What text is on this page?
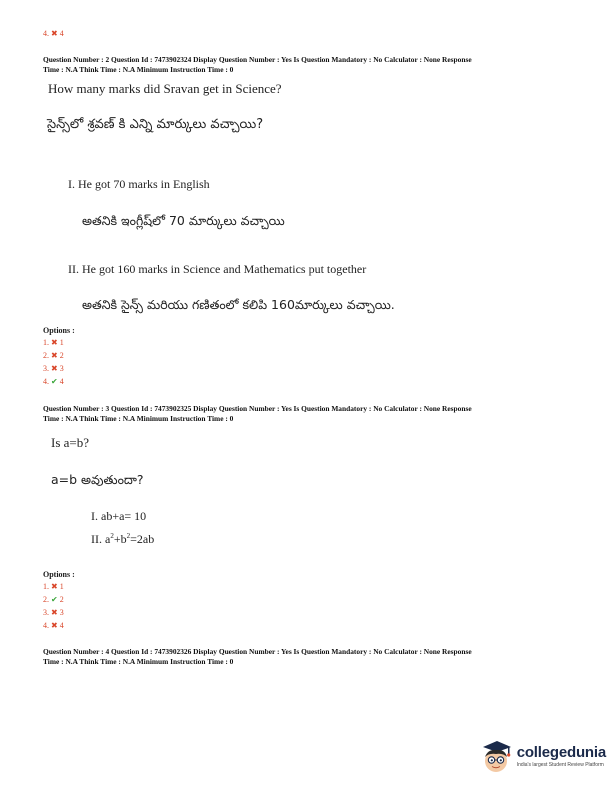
4. ✖ 4
Question Number : 2 Question Id : 7473902324 Display Question Number : Yes Is Question Mandatory : No Calculator : None Response
Time : N.A Think Time : N.A Minimum Instruction Time : 0
How many marks did Sravan get in Science?
సైన్స్‌లో శ్రవణ్ కి ఎన్ని మార్కులు వచ్చాయి?
I. He got 70 marks in English
అతనికి ఇంగ్లీష్‌లో 70 మార్కులు వచ్చాయి
II. He got 160 marks in Science and Mathematics put together
అతనికి సైన్స్ మరియు గణితంలో కలిపి 160మార్కులు వచ్చాయి.
Options :
1. ✖ 1
2. ✖ 2
3. ✖ 3
4. ✔ 4
Question Number : 3 Question Id : 7473902325 Display Question Number : Yes Is Question Mandatory : No Calculator : None Response
Time : N.A Think Time : N.A Minimum Instruction Time : 0
Is a=b?
a=b అవుతుందా?
I. ab+a= 10
II. $a^2+b^2=2ab$
Options :
1. ✖ 1
2. ✔ 2
3. ✖ 3
4. ✖ 4
Question Number : 4 Question Id : 7473902326 Display Question Number : Yes Is Question Mandatory : No Calculator : None Response
Time : N.A Think Time : N.A Minimum Instruction Time : 0
collegedunia
India's largest Student Review Platform
